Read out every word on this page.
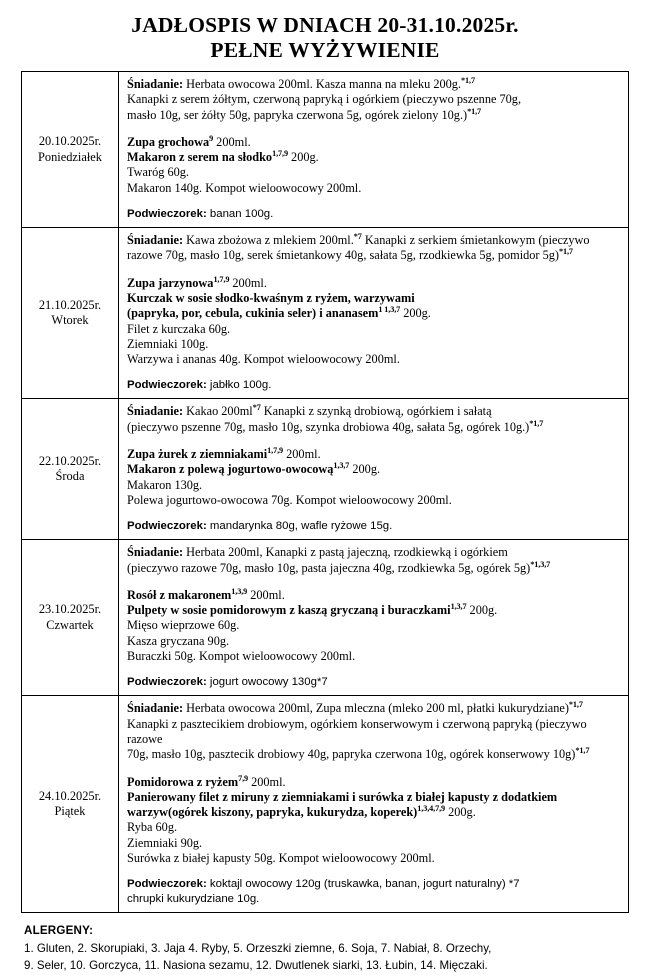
JADŁOSPIS W DNIACH 20-31.10.2025r.
PEŁNE WYŻYWIENIE
20.10.2025r.
Poniedziałek

Śniadanie: Herbata owocowa 200ml. Kasza manna na mleku 200g.$^{*1,7}$
Kanapki z serem żółtym, czerwoną papryką i ogórkiem (pieczywo pszenne 70g,
masło 10g, ser żółty 50g, papryka czerwona 5g, ogórek zielony 10g.)$^{*1,7}$
Zupa grochowa$^9$ 200ml.
Makaron z serem na słodko$^{1,7,9}$ 200g.
Twaróg 60g.
Makaron 140g. Kompot wieloowocowy 200ml.
Podwieczorek: banan 100g.

21.10.2025r.
Wtorek

Śniadanie: Kawa zbożowa z mlekiem 200ml.$^{*7}$ Kanapki z serkiem śmietankowym (pieczywo
razowe 70g, masło 10g, serek śmietankowy 40g, sałata 5g, rzodkiewka 5g, pomidor 5g)$^{*1,7}$
Zupa jarzynowa$^{1,7,9}$ 200ml.
Kurczak w sosie słodko-kwaśnym z ryżem, warzywami
(papryka, por, cebula, cukinia seler) i ananasem$^{1 1,3,7}$ 200g.
Filet z kurczaka 60g.
Ziemniaki 100g.
Warzywa i ananas 40g. Kompot wieloowocowy 200ml.
Podwieczorek: jabłko 100g.

22.10.2025r.
Środa

Śniadanie: Kakao $200ml^{*7}$ Kanapki z szynką drobiową, ogórkiem i sałatą
(pieczywo pszenne 70g, masło 10g, szynka drobiowa 40g, sałata 5g, ogórek 10g.)$^{*1,7}$
Zupa żurek z ziemniakami$^{1,7,9}$ 200ml.
Makaron z polewą jogurtowo-owocową$^{1,3,7}$ 200g.
Makaron 130g.
Polewa jogurtowo-owocowa 70g. Kompot wieloowocowy 200ml.
Podwieczorek: mandarynka 80g, wafle ryżowe 15g.

23.10.2025r.
Czwartek

Śniadanie: Herbata 200ml, Kanapki z pastą jajeczną, rzodkiewką i ogórkiem
(pieczywo razowe 70g, masło 10g, pasta jajeczna 40g, rzodkiewka 5g, ogórek 5g)$^{*1,3,7}$
Rosół z makaronem$^{1,3,9}$ 200ml.
Pulpety w sosie pomidorowym z kaszą gryczaną i buraczkami$^{1,3,7}$ 200g.
Mięso wieprzowe 60g.
Kasza gryczana 90g.
Buraczki 50g. Kompot wieloowocowy 200ml.
Podwieczorek: jogurt owocowy 130g*7

24.10.2025r.
Piątek

Śniadanie: Herbata owocowa 200ml, Zupa mleczna (mleko 200 ml, płatki kukurydziane)$^{*1,7}$
Kanapki z pasztecikiem drobiowym, ogórkiem konserwowym i czerwoną papryką (pieczywo razowe
70g, masło 10g, pasztecik drobiowy 40g, papryka czerwona 10g, ogórek konserwowy 10g)$^{*1,7}$
Pomidorowa z ryżem$^{7,9}$ 200ml.
Panierowany filet z miruny z ziemniakami i surówka z białej kapusty z dodatkiem
warzyw(ogórek kiszony, papryka, kukurydza, koperek)$^{1,3,4,7,9}$ 200g.
Ryba 60g.
Ziemniaki 90g.
Surówka z białej kapusty 50g. Kompot wieloowocowy 200ml.
Podwieczorek: koktajl owocowy 120g (truskawka, banan, jogurt naturalny) *7
chrupki kukurydziane 10g.
ALERGENY:
1. Gluten, 2. Skorupiaki, 3. Jaja 4. Ryby, 5. Orzeszki ziemne, 6. Soja, 7. Nabiał, 8. Orzechy,
9. Seler, 10. Gorczyca, 11. Nasiona sezamu, 12. Dwutlenek siarki, 13. Łubin, 14. Mięczaki.
